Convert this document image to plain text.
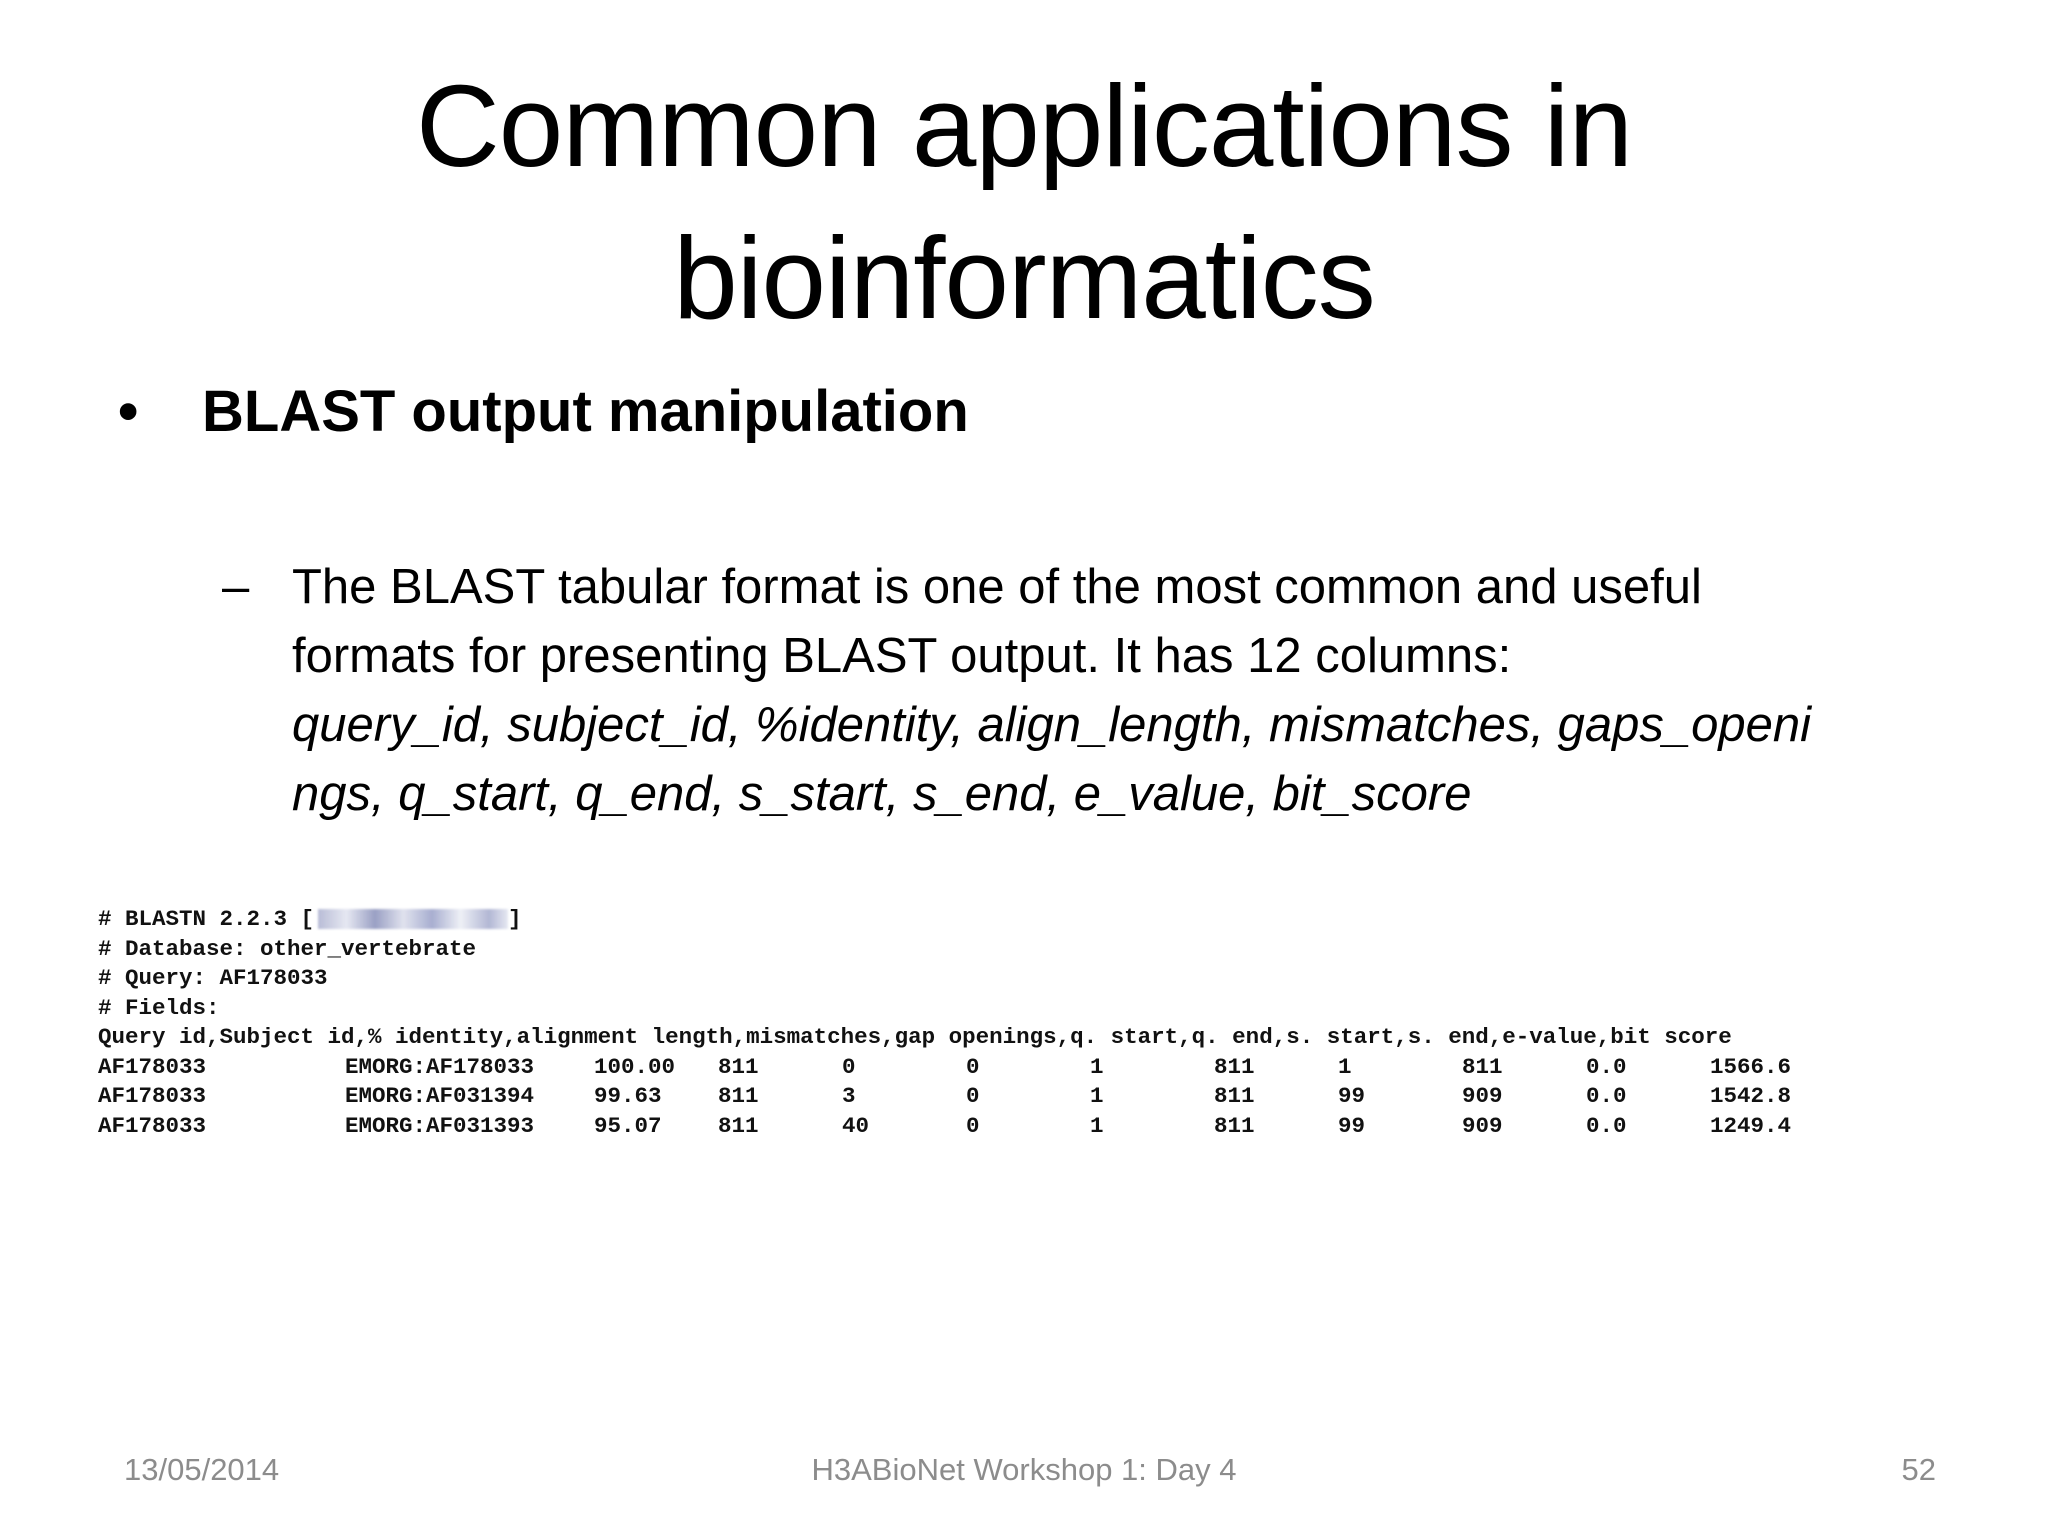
Common applications in
bioinformatics
•	BLAST output manipulation
– The BLAST tabular format is one of the most common and useful
formats for presenting BLAST output. It has 12 columns:
query_id, subject_id, %identity, align_length, mismatches, gaps_openi
ngs, q_start, q_end, s_start, s_end, e_value, bit_score
# BLASTN 2.2.3 [	]
# Database: other_vertebrate
# Query: AF178033
# Fields:
Query id,Subject id,% identity,alignment length,mismatches,gap openings,q. start,q. end,s. start,s. end,e-value,bit score
AF178033	EMORG:AF178033	100.00 811	0	0	1	811	1	811	0.0	1566.6
AF178033	EMORG:AF031394	99.63	811	3	0	1	811	99	909	0.0	1542.8
AF178033	EMORG:AF031393	95.07	811	40	0	1	811	99	909	0.0	1249.4
13/05/2014	H3ABioNet Workshop 1: Day 4	52
